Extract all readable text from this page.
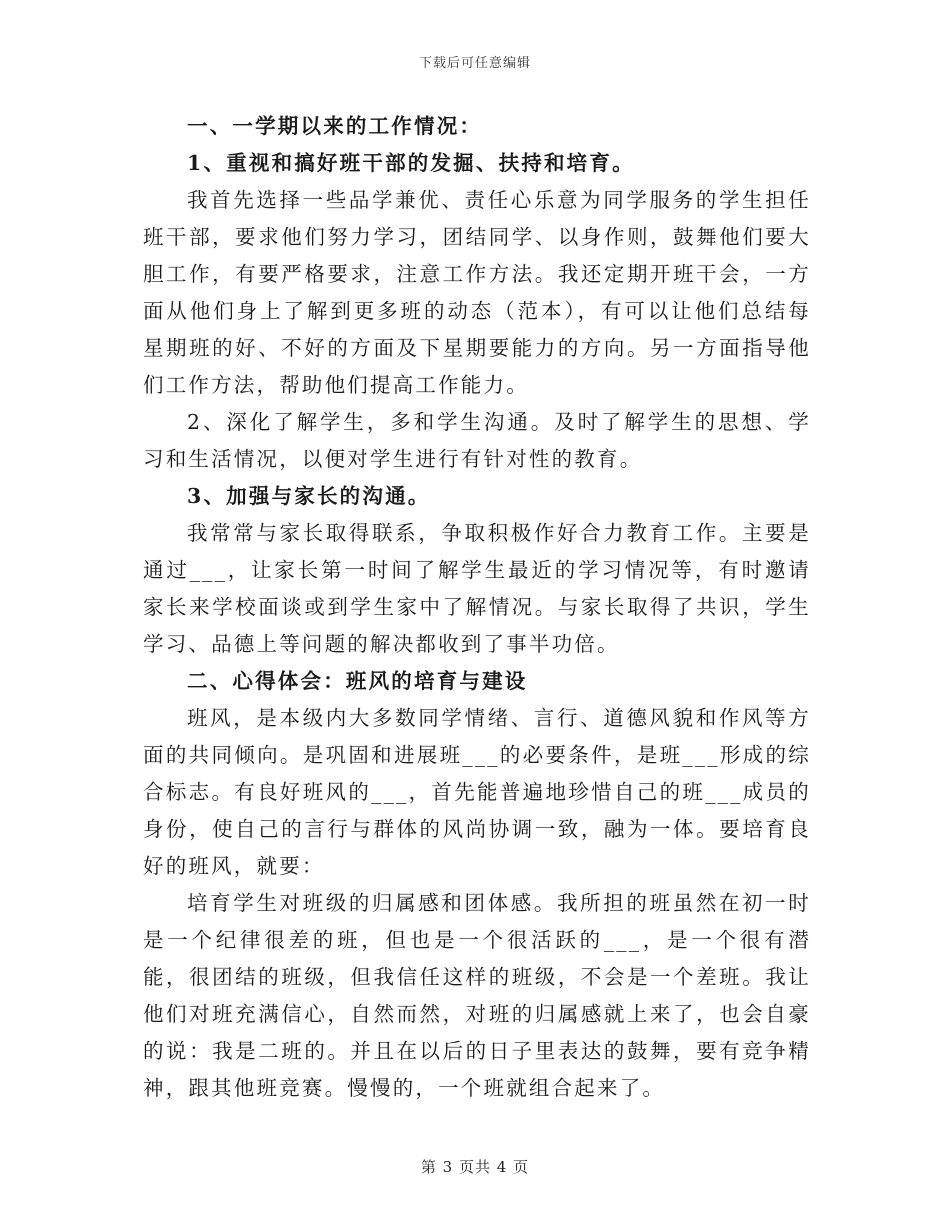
下载后可任意编辑

一、一学期以来的工作情况：

1、重视和搞好班干部的发掘、扶持和培育。

我首先选择一些品学兼优、责任心乐意为同学服务的学生担任班干部，要求他们努力学习，团结同学、以身作则，鼓舞他们要大胆工作，有要严格要求，注意工作方法。我还定期开班干会，一方面从他们身上了解到更多班的动态（范本），有可以让他们总结每星期班的好、不好的方面及下星期要能力的方向。另一方面指导他们工作方法，帮助他们提高工作能力。

2、深化了解学生，多和学生沟通。及时了解学生的思想、学习和生活情况，以便对学生进行有针对性的教育。

3、加强与家长的沟通。

我常常与家长取得联系，争取积极作好合力教育工作。主要是通过___，让家长第一时间了解学生最近的学习情况等，有时邀请家长来学校面谈或到学生家中了解情况。与家长取得了共识，学生学习、品德上等问题的解决都收到了事半功倍。

二、心得体会：班风的培育与建设

班风，是本级内大多数同学情绪、言行、道德风貌和作风等方面的共同倾向。是巩固和进展班___的必要条件，是班___形成的综合标志。有良好班风的___，首先能普遍地珍惜自己的班___成员的身份，使自己的言行与群体的风尚协调一致，融为一体。要培育良好的班风，就要：

培育学生对班级的归属感和团体感。我所担的班虽然在初一时是一个纪律很差的班，但也是一个很活跃的___，是一个很有潜能，很团结的班级，但我信任这样的班级，不会是一个差班。我让他们对班充满信心，自然而然，对班的归属感就上来了，也会自豪的说：我是二班的。并且在以后的日子里表达的鼓舞，要有竞争精神，跟其他班竞赛。慢慢的，一个班就组合起来了。

第 3 页共 4 页
